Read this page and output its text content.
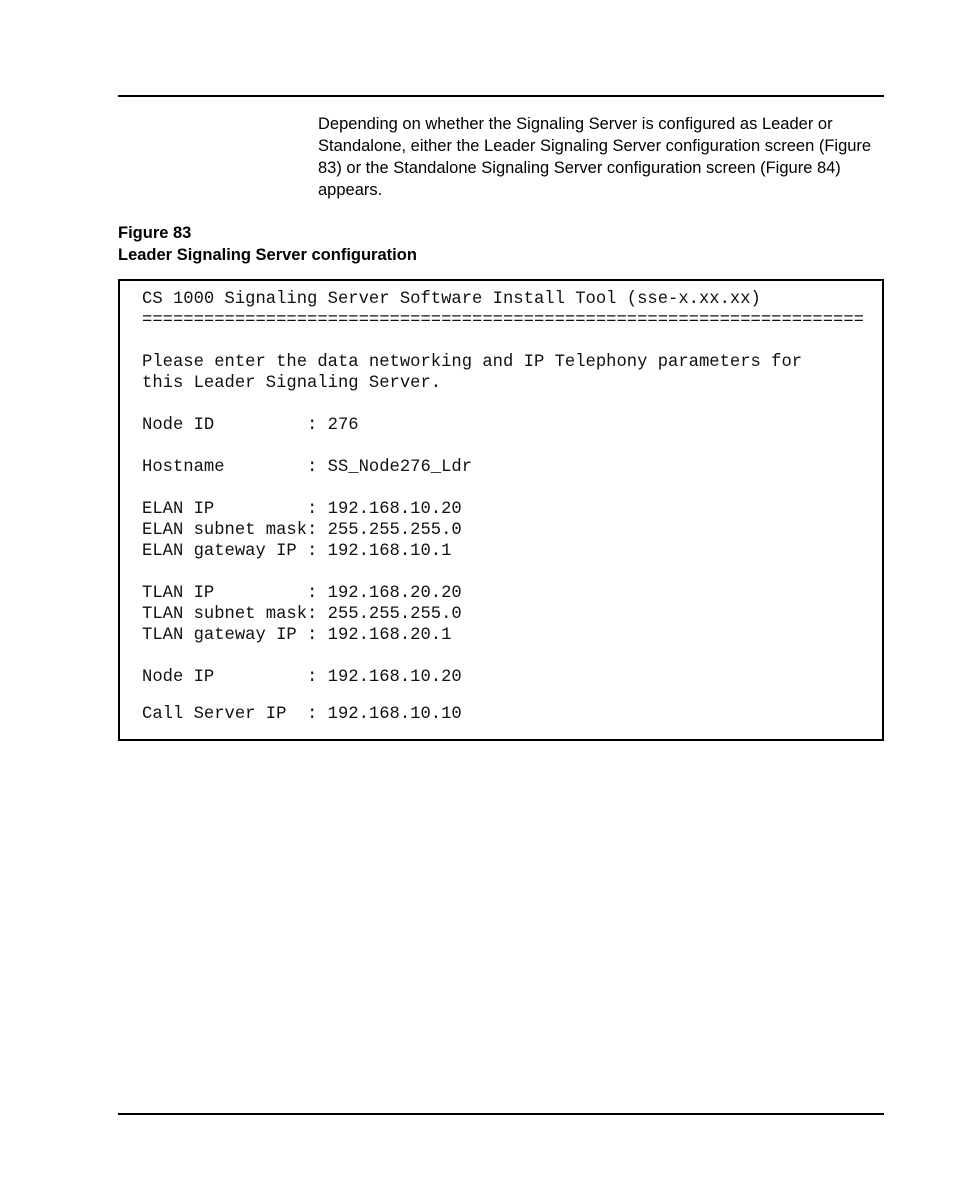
Depending on whether the Signaling Server is configured as Leader or Standalone, either the Leader Signaling Server configuration screen (Figure 83) or the Standalone Signaling Server configuration screen (Figure 84) appears.

Figure 83

Leader Signaling Server configuration

CS 1000 Signaling Server Software Install Tool (sse-x.xx.xx)

======================================================================

Please enter the data networking and IP Telephony parameters for

this Leader Signaling Server.

Node ID         : 276

Hostname        : SS_Node276_Ldr

ELAN IP         : 192.168.10.20

ELAN subnet mask: 255.255.255.0

ELAN gateway IP : 192.168.10.1

TLAN IP         : 192.168.20.20

TLAN subnet mask: 255.255.255.0

TLAN gateway IP : 192.168.20.1

Node IP         : 192.168.10.20

Call Server IP  : 192.168.10.10
